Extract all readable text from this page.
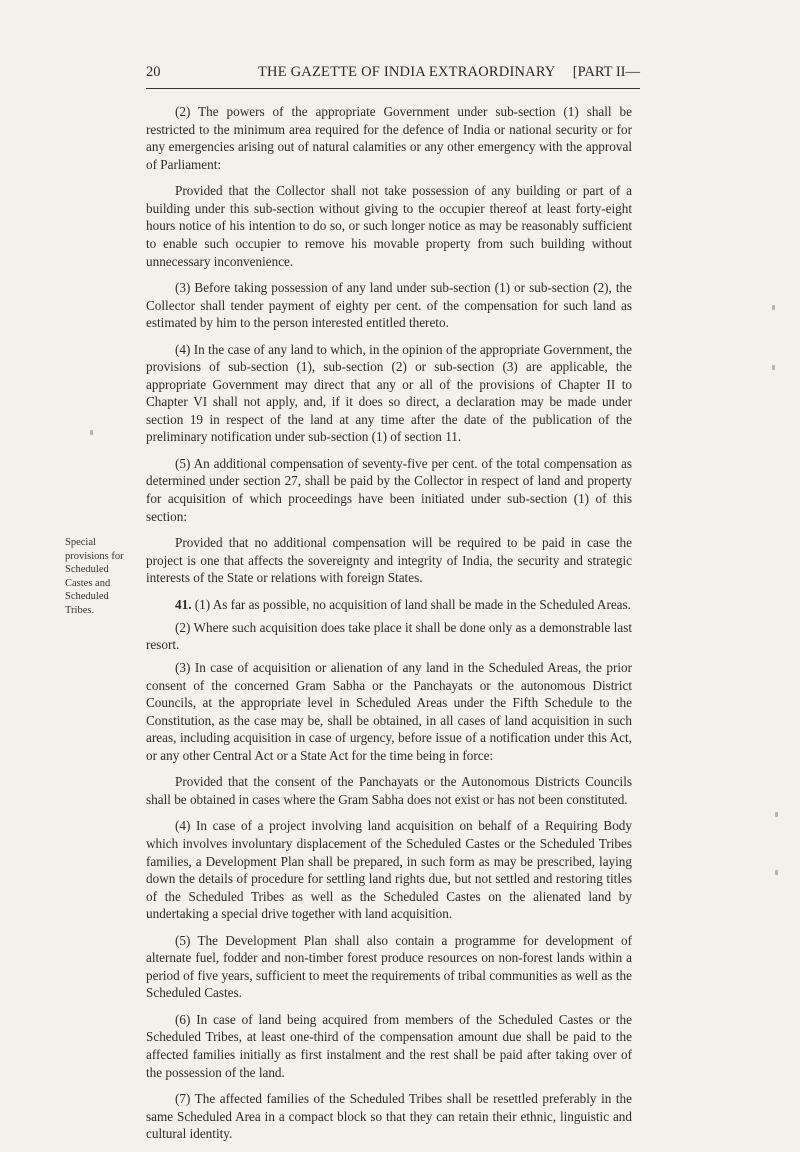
20	THE GAZETTE OF INDIA EXTRAORDINARY [PART II—
Special
provisions for
Scheduled
Castes and
Scheduled
Tribes.

(2) The powers of the appropriate Government under sub-section (1) shall be restricted to the minimum area required for the defence of India or national security or for any emergencies arising out of natural calamities or any other emergency with the approval of Parliament:

Provided that the Collector shall not take possession of any building or part of a building under this sub-section without giving to the occupier thereof at least forty-eight hours notice of his intention to do so, or such longer notice as may be reasonably sufficient to enable such occupier to remove his movable property from such building without unnecessary inconvenience.

(3) Before taking possession of any land under sub-section (1) or sub-section (2), the Collector shall tender payment of eighty per cent. of the compensation for such land as estimated by him to the person interested entitled thereto.

(4) In the case of any land to which, in the opinion of the appropriate Government, the provisions of sub-section (1), sub-section (2) or sub-section (3) are applicable, the appropriate Government may direct that any or all of the provisions of Chapter II to Chapter VI shall not apply, and, if it does so direct, a declaration may be made under section 19 in respect of the land at any time after the date of the publication of the preliminary notification under sub-section (1) of section 11.

(5) An additional compensation of seventy-five per cent. of the total compensation as determined under section 27, shall be paid by the Collector in respect of land and property for acquisition of which proceedings have been initiated under sub-section (1) of this section:

Provided that no additional compensation will be required to be paid in case the project is one that affects the sovereignty and integrity of India, the security and strategic interests of the State or relations with foreign States.

41. (1) As far as possible, no acquisition of land shall be made in the Scheduled Areas.

(2) Where such acquisition does take place it shall be done only as a demonstrable last resort.

(3) In case of acquisition or alienation of any land in the Scheduled Areas, the prior consent of the concerned Gram Sabha or the Panchayats or the autonomous District Councils, at the appropriate level in Scheduled Areas under the Fifth Schedule to the Constitution, as the case may be, shall be obtained, in all cases of land acquisition in such areas, including acquisition in case of urgency, before issue of a notification under this Act, or any other Central Act or a State Act for the time being in force:

Provided that the consent of the Panchayats or the Autonomous Districts Councils shall be obtained in cases where the Gram Sabha does not exist or has not been constituted.

(4) In case of a project involving land acquisition on behalf of a Requiring Body which involves involuntary displacement of the Scheduled Castes or the Scheduled Tribes families, a Development Plan shall be prepared, in such form as may be prescribed, laying down the details of procedure for settling land rights due, but not settled and restoring titles of the Scheduled Tribes as well as the Scheduled Castes on the alienated land by undertaking a special drive together with land acquisition.

(5) The Development Plan shall also contain a programme for development of alternate fuel, fodder and non-timber forest produce resources on non-forest lands within a period of five years, sufficient to meet the requirements of tribal communities as well as the Scheduled Castes.

(6) In case of land being acquired from members of the Scheduled Castes or the Scheduled Tribes, at least one-third of the compensation amount due shall be paid to the affected families initially as first instalment and the rest shall be paid after taking over of the possession of the land.

(7) The affected families of the Scheduled Tribes shall be resettled preferably in the same Scheduled Area in a compact block so that they can retain their ethnic, linguistic and cultural identity.
